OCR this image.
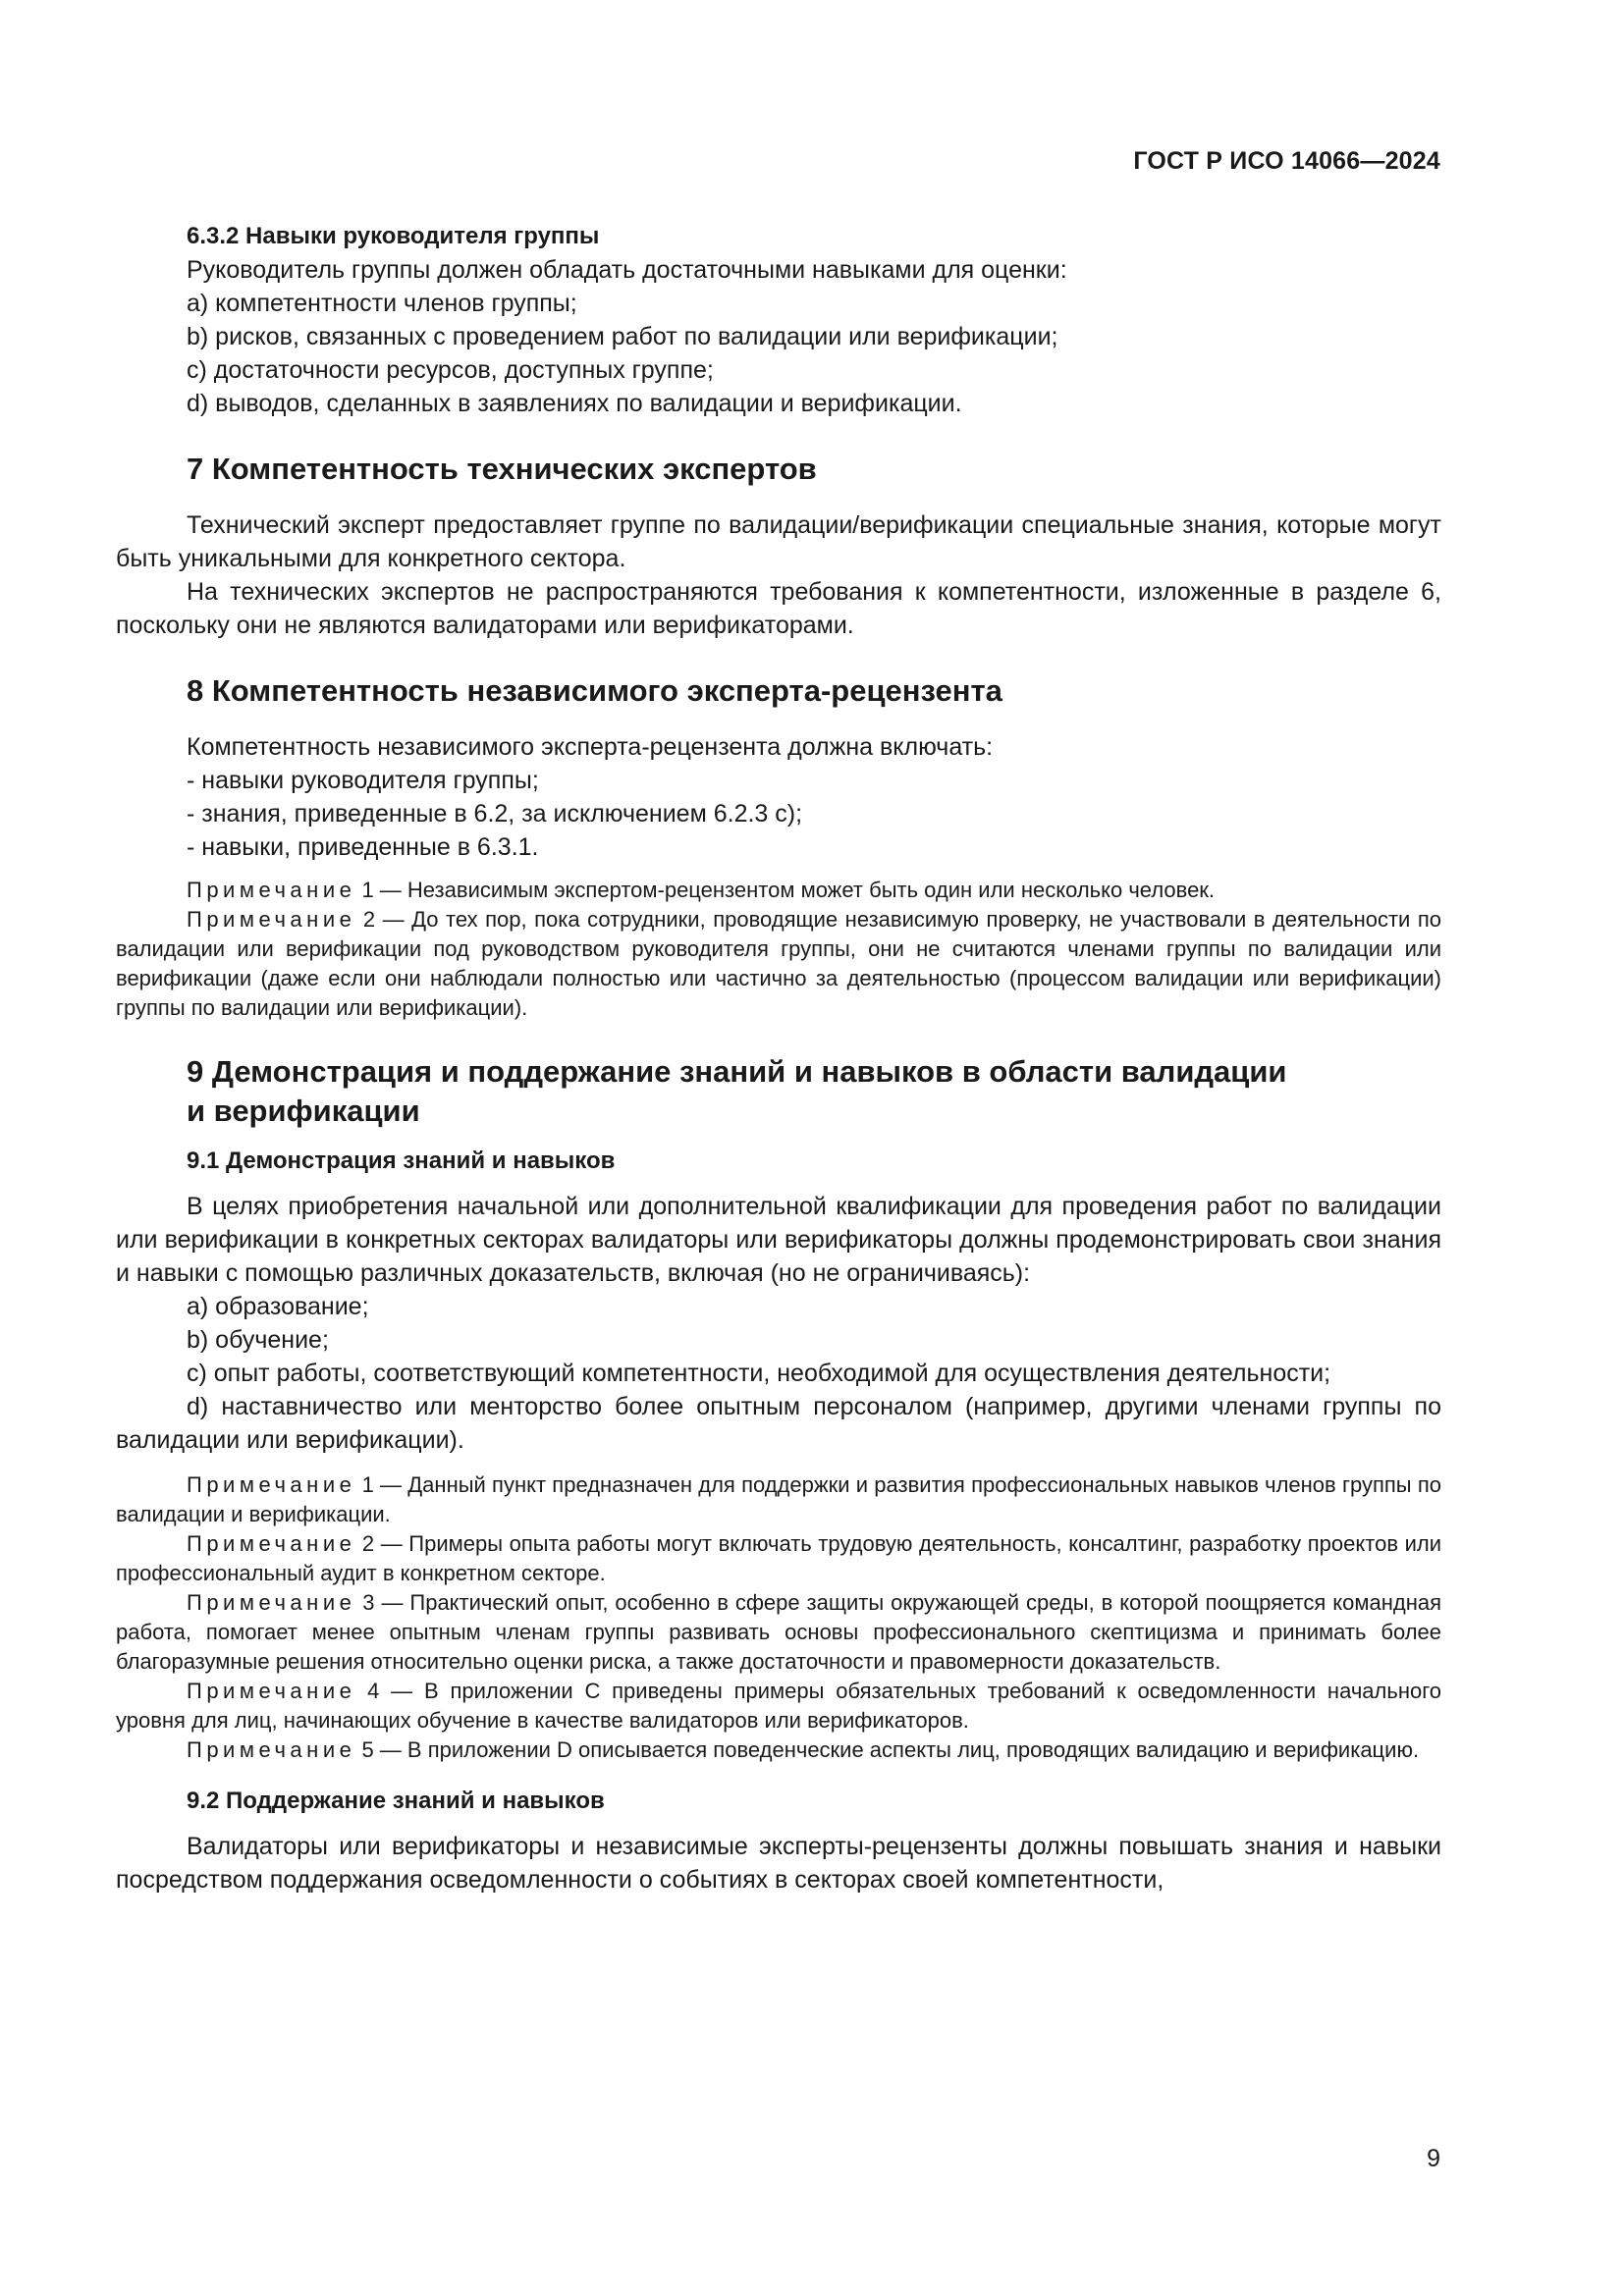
ГОСТ Р ИСО 14066—2024
6.3.2 Навыки руководителя группы
Руководитель группы должен обладать достаточными навыками для оценки:
a) компетентности членов группы;
b) рисков, связанных с проведением работ по валидации или верификации;
c) достаточности ресурсов, доступных группе;
d) выводов, сделанных в заявлениях по валидации и верификации.
7 Компетентность технических экспертов

Технический эксперт предоставляет группе по валидации/верификации специальные знания, которые могут быть уникальными для конкретного сектора.

На технических экспертов не распространяются требования к компетентности, изложенные в разделе 6, поскольку они не являются валидаторами или верификаторами.

8 Компетентность независимого эксперта-рецензента
Компетентность независимого эксперта-рецензента должна включать:
- навыки руководителя группы;
- знания, приведенные в 6.2, за исключением 6.2.3 с);
- навыки, приведенные в 6.3.1.

Примечание 1 — Независимым экспертом-рецензентом может быть один или несколько человек.

Примечание 2 — До тех пор, пока сотрудники, проводящие независимую проверку, не участвовали в деятельности по валидации или верификации под руководством руководителя группы, они не считаются членами группы по валидации или верификации (даже если они наблюдали полностью или частично за деятельностью (процессом валидации или верификации) группы по валидации или верификации).

9 Демонстрация и поддержание знаний и навыков в области валидации
и верификации
9.1 Демонстрация знаний и навыков

В целях приобретения начальной или дополнительной квалификации для проведения работ по валидации или верификации в конкретных секторах валидаторы или верификаторы должны продемонстрировать свои знания и навыки с помощью различных доказательств, включая (но не ограничиваясь):

a) образование;
b) обучение;

c) опыт работы, соответствующий компетентности, необходимой для осуществления деятельности;

d) наставничество или менторство более опытным персоналом (например, другими членами группы по валидации или верификации).

Примечание 1 — Данный пункт предназначен для поддержки и развития профессиональных навыков членов группы по валидации и верификации.

Примечание 2 — Примеры опыта работы могут включать трудовую деятельность, консалтинг, разработку проектов или профессиональный аудит в конкретном секторе.

Примечание 3 — Практический опыт, особенно в сфере защиты окружающей среды, в которой поощряется командная работа, помогает менее опытным членам группы развивать основы профессионального скептицизма и принимать более благоразумные решения относительно оценки риска, а также достаточности и правомерности доказательств.

Примечание 4 — В приложении С приведены примеры обязательных требований к осведомленности начального уровня для лиц, начинающих обучение в качестве валидаторов или верификаторов.

Примечание 5 — В приложении D описывается поведенческие аспекты лиц, проводящих валидацию и верификацию.

9.2 Поддержание знаний и навыков

Валидаторы или верификаторы и независимые эксперты-рецензенты должны повышать знания и навыки посредством поддержания осведомленности о событиях в секторах своей компетентности,

9
